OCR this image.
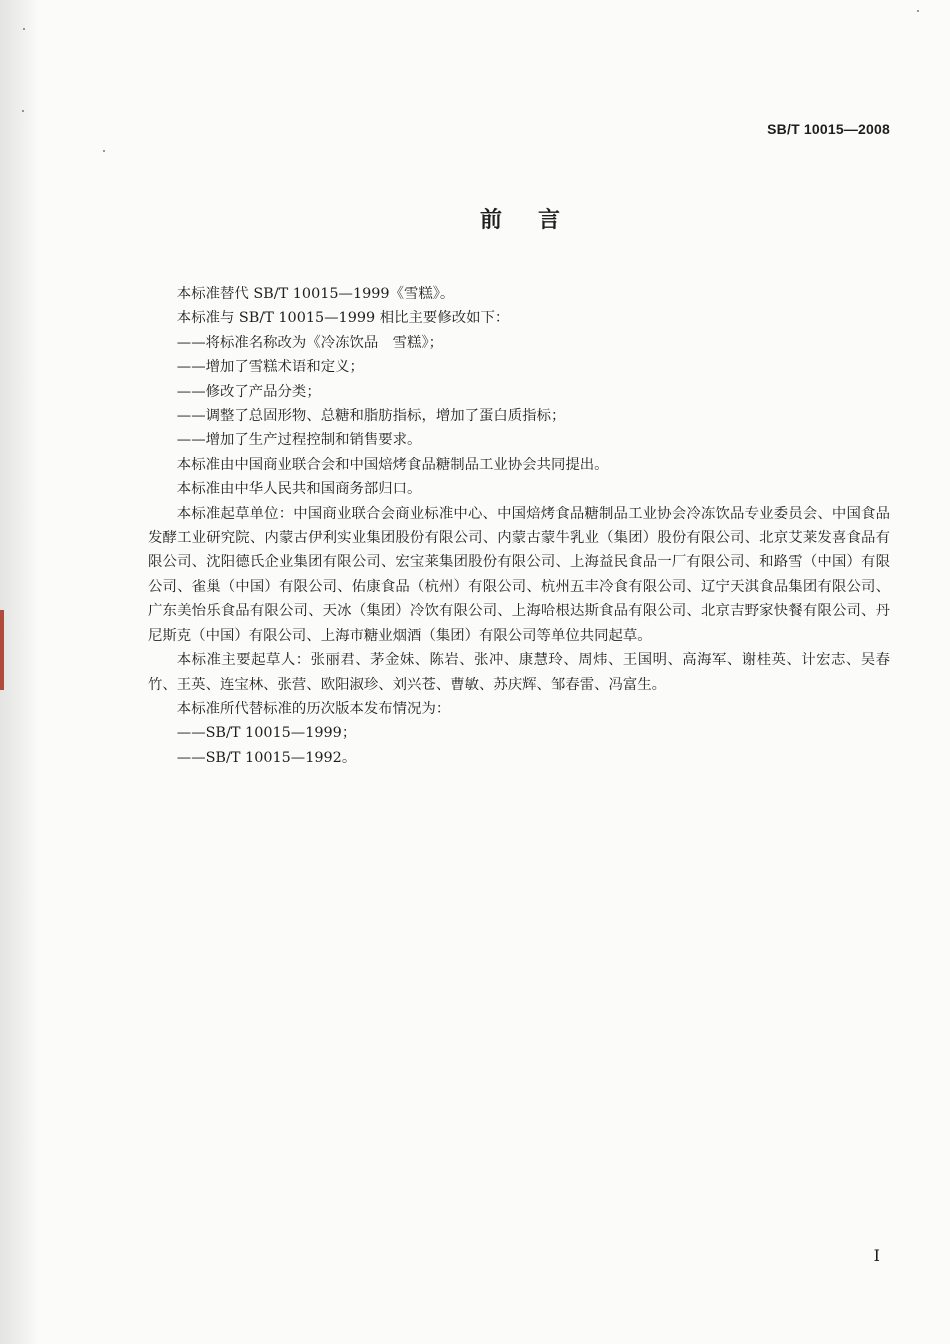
SB/T 10015—2008
前言

本标准替代 SB/T 10015—1999《雪糕》。

本标准与 SB/T 10015—1999 相比主要修改如下：

——将标准名称改为《冷冻饮品　雪糕》；

——增加了雪糕术语和定义；

——修改了产品分类；

——调整了总固形物、总糖和脂肪指标，增加了蛋白质指标；

——增加了生产过程控制和销售要求。

本标准由中国商业联合会和中国焙烤食品糖制品工业协会共同提出。

本标准由中华人民共和国商务部归口。

本标准起草单位：中国商业联合会商业标准中心、中国焙烤食品糖制品工业协会冷冻饮品专业委员会、中国食品发酵工业研究院、内蒙古伊利实业集团股份有限公司、内蒙古蒙牛乳业（集团）股份有限公司、北京艾莱发喜食品有限公司、沈阳德氏企业集团有限公司、宏宝莱集团股份有限公司、上海益民食品一厂有限公司、和路雪（中国）有限公司、雀巢（中国）有限公司、佑康食品（杭州）有限公司、杭州五丰冷食有限公司、辽宁天淇食品集团有限公司、广东美怡乐食品有限公司、天冰（集团）冷饮有限公司、上海哈根达斯食品有限公司、北京吉野家快餐有限公司、丹尼斯克（中国）有限公司、上海市糖业烟酒（集团）有限公司等单位共同起草。

本标准主要起草人：张丽君、茅金妹、陈岩、张冲、康慧玲、周炜、王国明、高海军、谢桂英、计宏志、吴春竹、王英、连宝林、张营、欧阳淑珍、刘兴苍、曹敏、苏庆辉、邹春雷、冯富生。

本标准所代替标准的历次版本发布情况为：

——SB/T 10015—1999；

——SB/T 10015—1992。

I
